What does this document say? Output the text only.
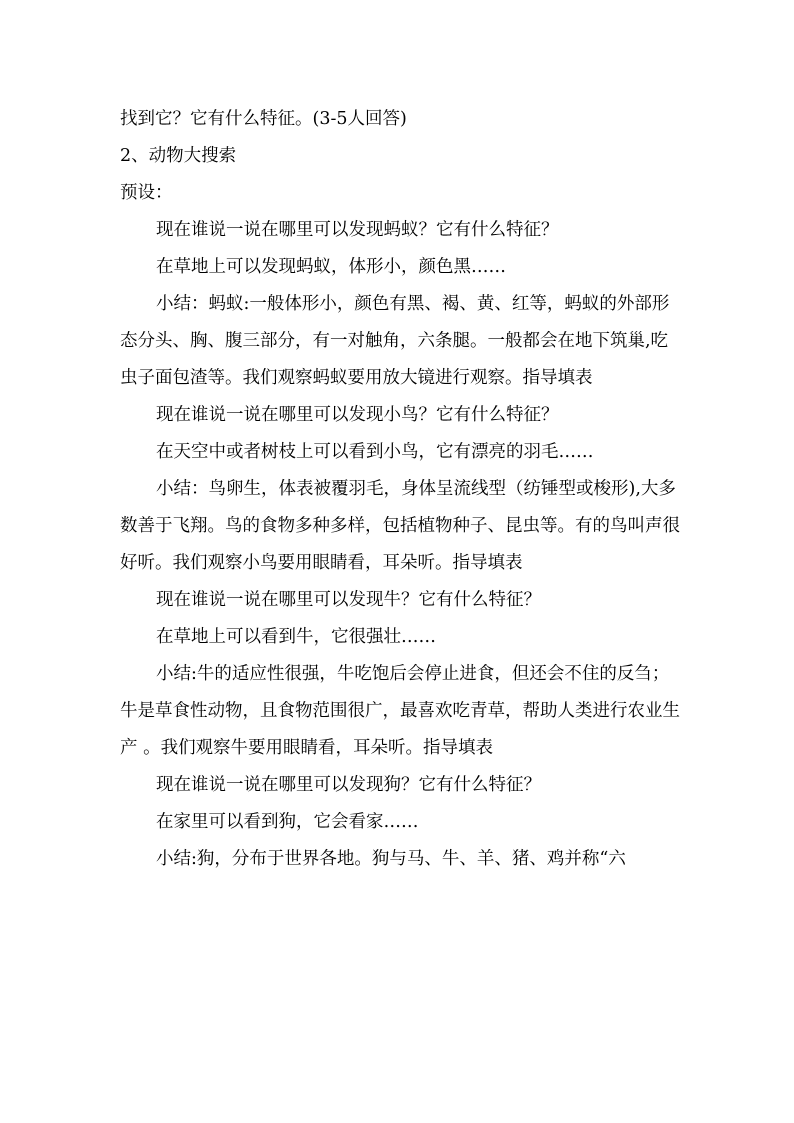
找到它？它有什么特征。(3-5人回答)

2、动物大搜索

预设：

现在谁说一说在哪里可以发现蚂蚁？它有什么特征？

在草地上可以发现蚂蚁，体形小，颜色黑……

小结：蚂蚁:一般体形小，颜色有黑、褐、黄、红等，蚂蚁的外部形态分头、胸、腹三部分，有一对触角，六条腿。一般都会在地下筑巢,吃虫子面包渣等。我们观察蚂蚁要用放大镜进行观察。指导填表

现在谁说一说在哪里可以发现小鸟？它有什么特征？

在天空中或者树枝上可以看到小鸟，它有漂亮的羽毛……

小结：鸟卵生，体表被覆羽毛，身体呈流线型（纺锤型或梭形),大多数善于飞翔。鸟的食物多种多样，包括植物种子、昆虫等。有的鸟叫声很好听。我们观察小鸟要用眼睛看，耳朵听。指导填表

现在谁说一说在哪里可以发现牛？它有什么特征？

在草地上可以看到牛，它很强壮……

小结:牛的适应性很强，牛吃饱后会停止进食，但还会不住的反刍； 牛是草食性动物，且食物范围很广，最喜欢吃青草，帮助人类进行农业生产 。我们观察牛要用眼睛看，耳朵听。指导填表

现在谁说一说在哪里可以发现狗？它有什么特征？

在家里可以看到狗，它会看家……

小结:狗，分布于世界各地。狗与马、牛、羊、猪、鸡并称“六
